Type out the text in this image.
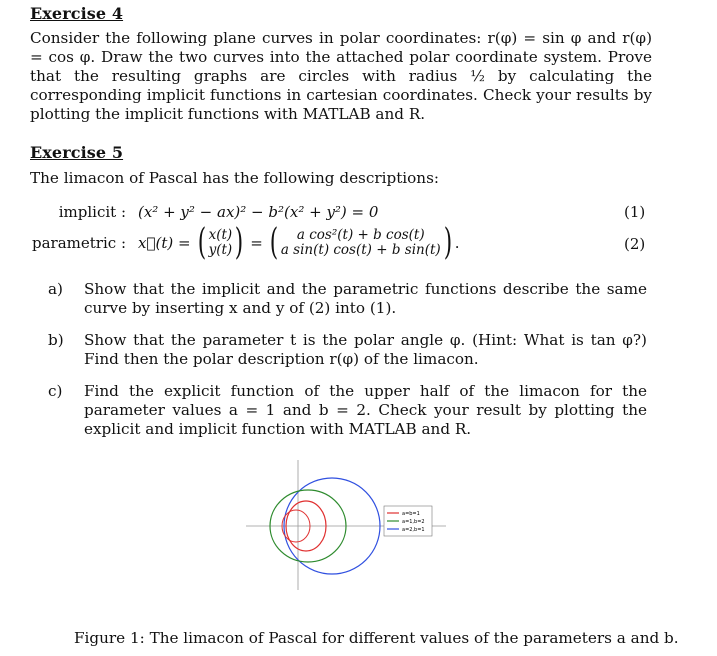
Exercise 4
Consider the following plane curves in polar coordinates: r(φ) = sin φ and r(φ) = cos φ. Draw the two curves into the attached polar coordinate system. Prove that the resulting graphs are circles with radius ½ by calculating the corresponding implicit functions in cartesian coordinates. Check your results by plotting the implicit functions with MATLAB and R.
Exercise 5
The limacon of Pascal has the following descriptions:
implicit : (x² + y² − ax)² − b²(x² + y²) = 0	(1)
parametric : x⃗(t) = ( x(t)
y(t) ) = (	a cos²(t) + b cos(t)
a sin(t) cos(t) + b sin(t) ) .	(2)
a) Show that the implicit and the parametric functions describe the same curve by inserting x and y of (2) into (1).
b) Show that the parameter t is the polar angle φ. (Hint: What is tan φ?) Find then the polar description r(φ) of the limacon.
c) Find the explicit function of the upper half of the limacon for the parameter values a = 1 and b = 2. Check your result by plotting the explicit and implicit function with MATLAB and R.
a=b=1
a=1,b=2
a=2,b=1
Figure 1: The limacon of Pascal for different values of the parameters a and b.
